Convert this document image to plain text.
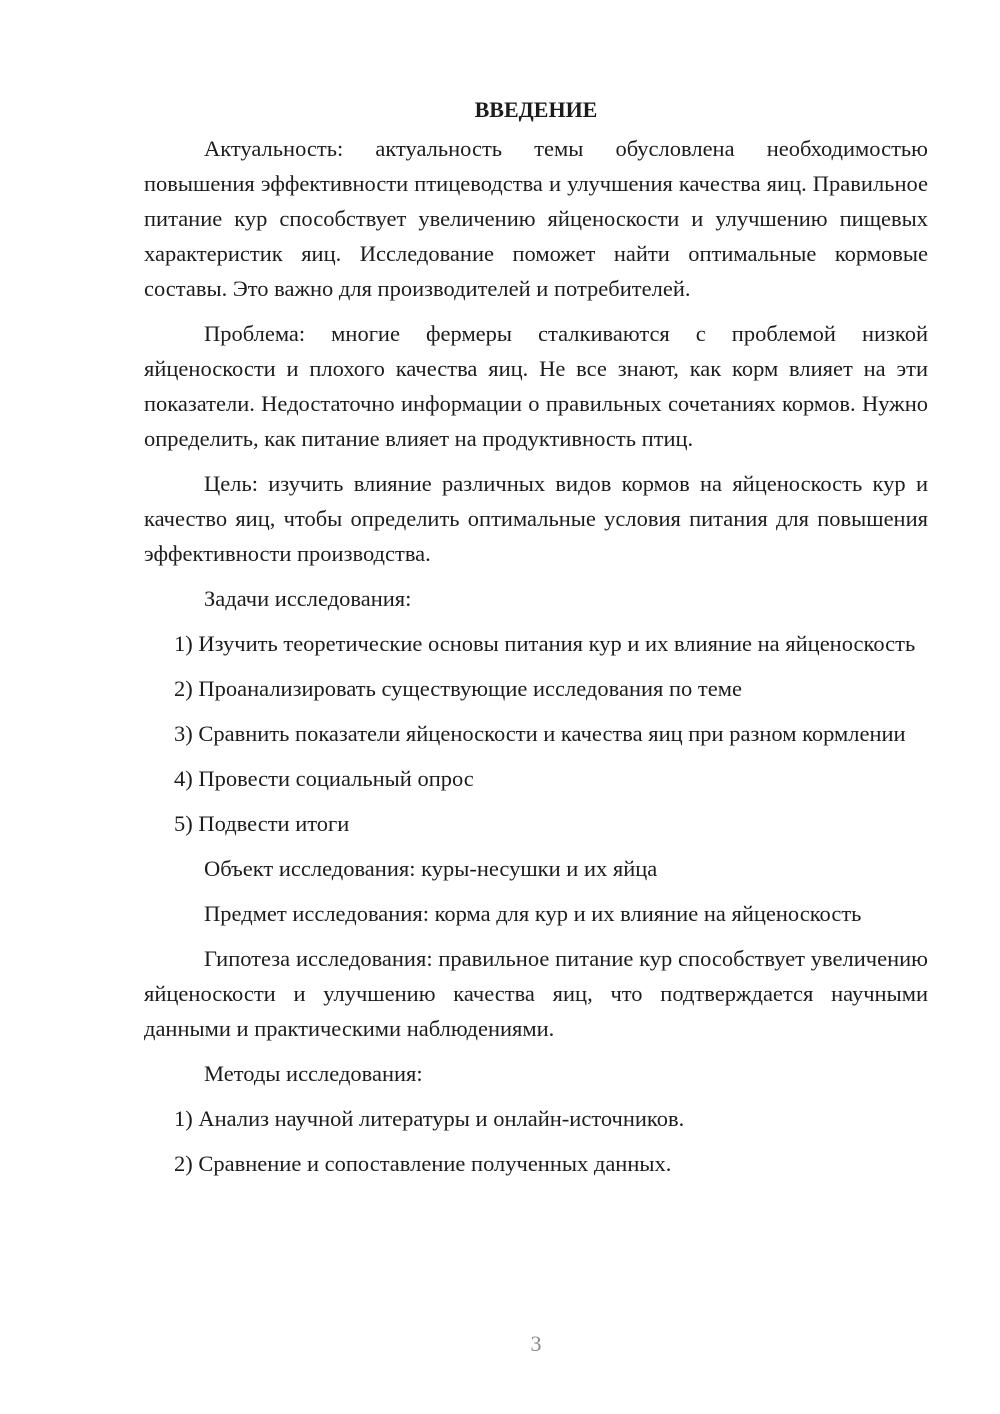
ВВЕДЕНИЕ

Актуальность: актуальность темы обусловлена необходимостью повышения эффективности птицеводства и улучшения качества яиц. Правильное питание кур способствует увеличению яйценоскости и улучшению пищевых характеристик яиц. Исследование поможет найти оптимальные кормовые составы. Это важно для производителей и потребителей.

Проблема: многие фермеры сталкиваются с проблемой низкой яйценоскости и плохого качества яиц. Не все знают, как корм влияет на эти показатели. Недостаточно информации о правильных сочетаниях кормов. Нужно определить, как питание влияет на продуктивность птиц.

Цель: изучить влияние различных видов кормов на яйценоскость кур и качество яиц, чтобы определить оптимальные условия питания для повышения эффективности производства.

Задачи исследования:

1) Изучить теоретические основы питания кур и их влияние на яйценоскость

2) Проанализировать существующие исследования по теме

3) Сравнить показатели яйценоскости и качества яиц при разном кормлении

4) Провести социальный опрос

5) Подвести итоги

Объект исследования: куры-несушки и их яйца

Предмет исследования: корма для кур и их влияние на яйценоскость

Гипотеза исследования: правильное питание кур способствует увеличению яйценоскости и улучшению качества яиц, что подтверждается научными данными и практическими наблюдениями.

Методы исследования:

1) Анализ научной литературы и онлайн-источников.

2) Сравнение и сопоставление полученных данных.

3
